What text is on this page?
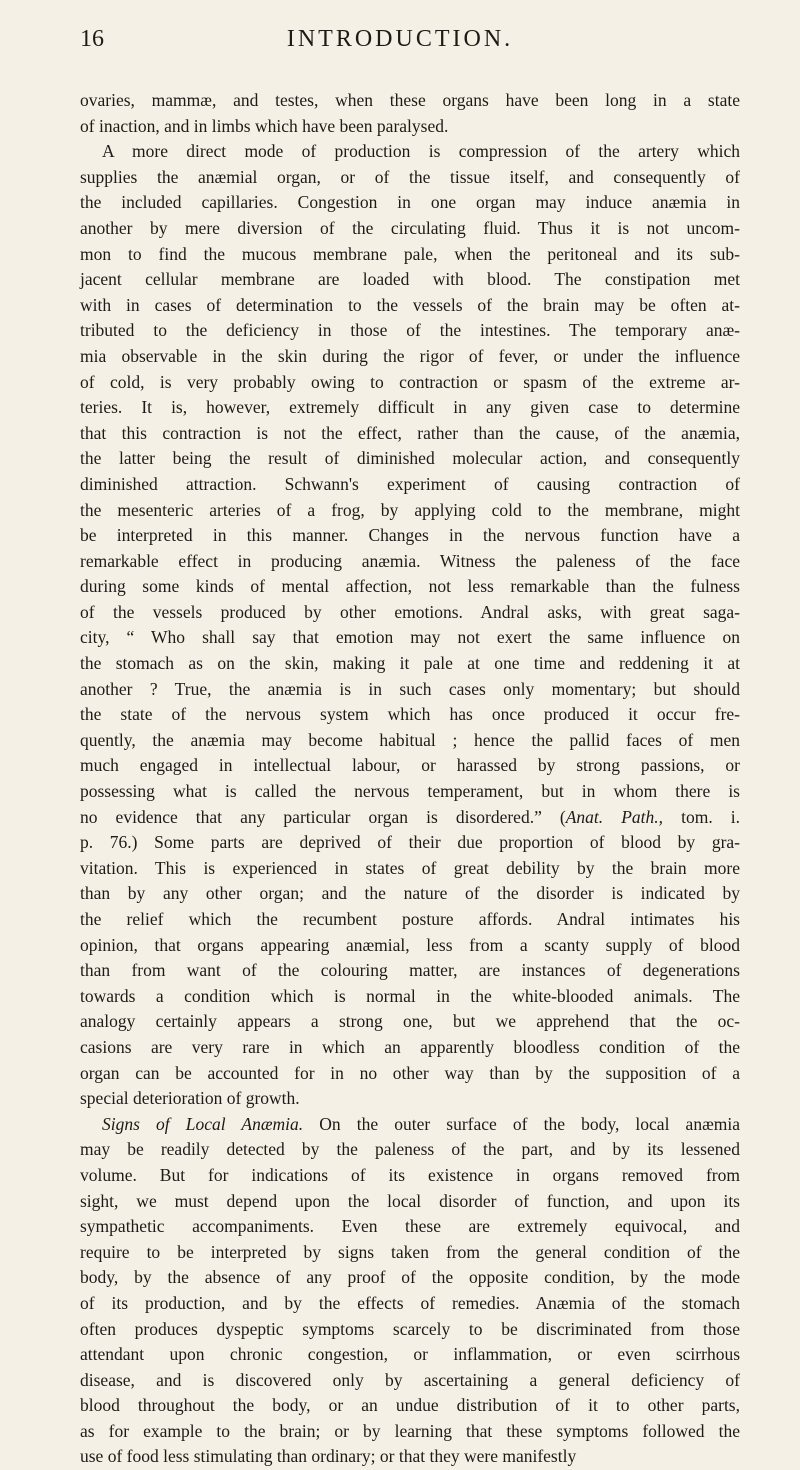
16	INTRODUCTION.
ovaries, mammæ, and testes, when these organs have been long in a state
of inaction, and in limbs which have been paralysed.
A more direct mode of production is compression of the artery which
supplies the anæmial organ, or of the tissue itself, and consequently of
the included capillaries. Congestion in one organ may induce anæmia in
another by mere diversion of the circulating fluid. Thus it is not uncom-
mon to find the mucous membrane pale, when the peritoneal and its sub-
jacent cellular membrane are loaded with blood. The constipation met
with in cases of determination to the vessels of the brain may be often at-
tributed to the deficiency in those of the intestines. The temporary anæ-
mia observable in the skin during the rigor of fever, or under the influence
of cold, is very probably owing to contraction or spasm of the extreme ar-
teries. It is, however, extremely difficult in any given case to determine
that this contraction is not the effect, rather than the cause, of the anæmia,
the latter being the result of diminished molecular action, and consequently
diminished attraction. Schwann's experiment of causing contraction of
the mesenteric arteries of a frog, by applying cold to the membrane, might
be interpreted in this manner. Changes in the nervous function have a
remarkable effect in producing anæmia. Witness the paleness of the face
during some kinds of mental affection, not less remarkable than the fulness
of the vessels produced by other emotions. Andral asks, with great saga-
city, “ Who shall say that emotion may not exert the same influence on
the stomach as on the skin, making it pale at one time and reddening it at
another ? True, the anæmia is in such cases only momentary; but should
the state of the nervous system which has once produced it occur fre-
quently, the anæmia may become habitual ; hence the pallid faces of men
much engaged in intellectual labour, or harassed by strong passions, or
possessing what is called the nervous temperament, but in whom there is
no evidence that any particular organ is disordered.” (Anat. Path., tom. i.
p. 76.) Some parts are deprived of their due proportion of blood by gra-
vitation. This is experienced in states of great debility by the brain more
than by any other organ; and the nature of the disorder is indicated by
the relief which the recumbent posture affords. Andral intimates his
opinion, that organs appearing anæmial, less from a scanty supply of blood
than from want of the colouring matter, are instances of degenerations
towards a condition which is normal in the white-blooded animals. The
analogy certainly appears a strong one, but we apprehend that the oc-
casions are very rare in which an apparently bloodless condition of the
organ can be accounted for in no other way than by the supposition of a
special deterioration of growth.
Signs of Local Anæmia. On the outer surface of the body, local anæmia
may be readily detected by the paleness of the part, and by its lessened
volume. But for indications of its existence in organs removed from
sight, we must depend upon the local disorder of function, and upon its
sympathetic accompaniments. Even these are extremely equivocal, and
require to be interpreted by signs taken from the general condition of the
body, by the absence of any proof of the opposite condition, by the mode
of its production, and by the effects of remedies. Anæmia of the stomach
often produces dyspeptic symptoms scarcely to be discriminated from those
attendant upon chronic congestion, or inflammation, or even scirrhous
disease, and is discovered only by ascertaining a general deficiency of
blood throughout the body, or an undue distribution of it to other parts,
as for example to the brain; or by learning that these symptoms followed the
use of food less stimulating than ordinary; or that they were manifestly
